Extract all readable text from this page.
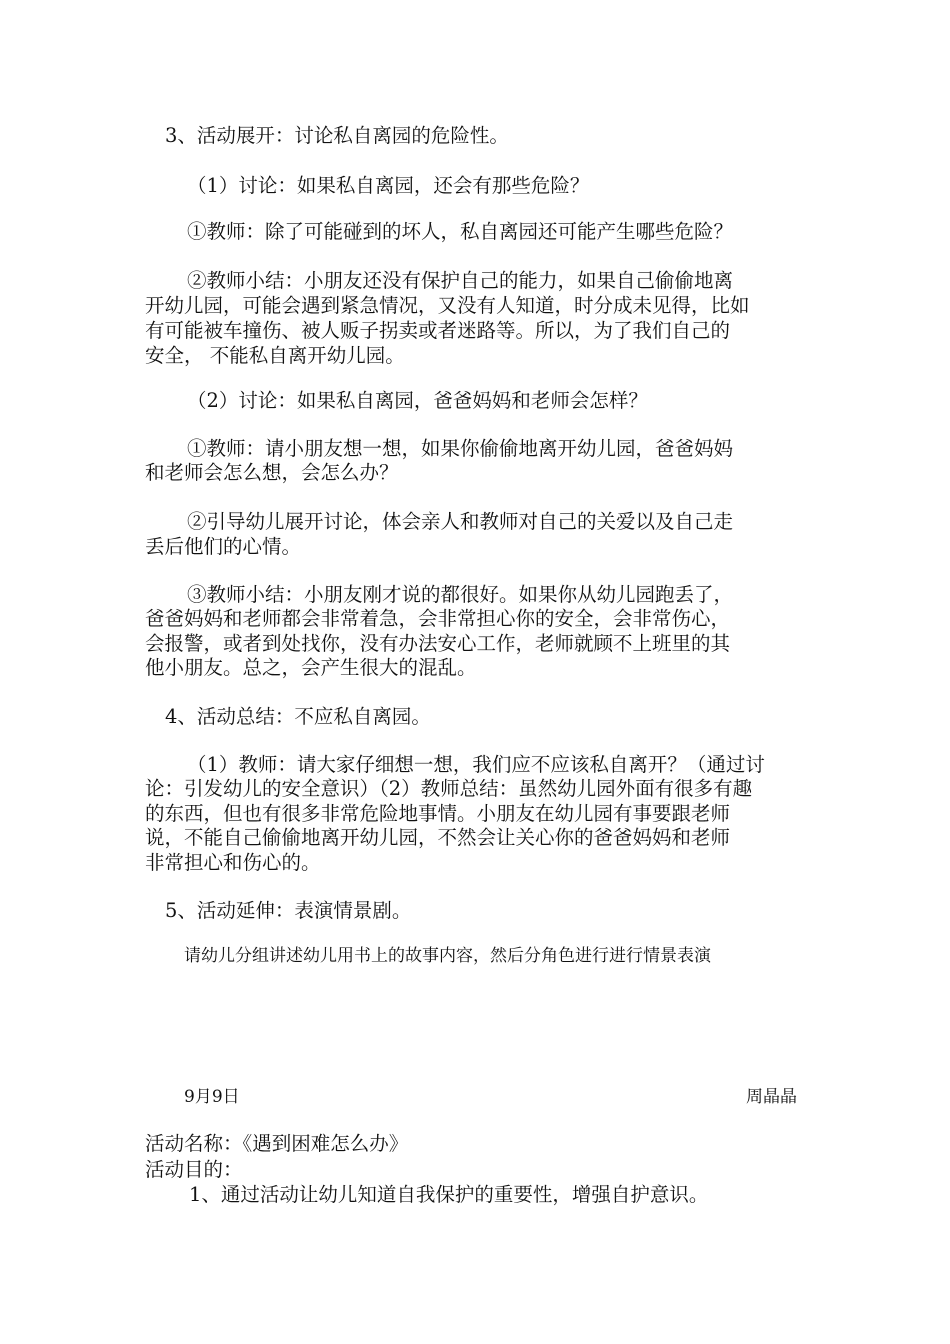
3、活动展开：讨论私自离园的危险性。

（1）讨论：如果私自离园，还会有那些危险？

①教师：除了可能碰到的坏人，私自离园还可能产生哪些危险？

②教师小结：小朋友还没有保护自己的能力，如果自己偷偷地离

开幼儿园，可能会遇到紧急情况，又没有人知道，时分成未见得，比如

有可能被车撞伤、被人贩子拐卖或者迷路等。所以，为了我们自己的

安全， 不能私自离开幼儿园。

（2）讨论：如果私自离园，爸爸妈妈和老师会怎样？

①教师：请小朋友想一想，如果你偷偷地离开幼儿园，爸爸妈妈

和老师会怎么想，会怎么办？

②引导幼儿展开讨论，体会亲人和教师对自己的关爱以及自己走

丢后他们的心情。

③教师小结：小朋友刚才说的都很好。如果你从幼儿园跑丢了，

爸爸妈妈和老师都会非常着急，会非常担心你的安全，会非常伤心，

会报警，或者到处找你，没有办法安心工作，老师就顾不上班里的其

他小朋友。总之，会产生很大的混乱。

4、活动总结：不应私自离园。

（1）教师：请大家仔细想一想，我们应不应该私自离开？（通过讨

论：引发幼儿的安全意识）（2）教师总结：虽然幼儿园外面有很多有趣

的东西，但也有很多非常危险地事情。小朋友在幼儿园有事要跟老师

说，不能自己偷偷地离开幼儿园，不然会让关心你的爸爸妈妈和老师

非常担心和伤心的。

5、活动延伸：表演情景剧。

请幼儿分组讲述幼儿用书上的故事内容，然后分角色进行进行情景表演

9月9日	周晶晶

活动名称：《遇到困难怎么办》

活动目的：

1、通过活动让幼儿知道自我保护的重要性，增强自护意识。
